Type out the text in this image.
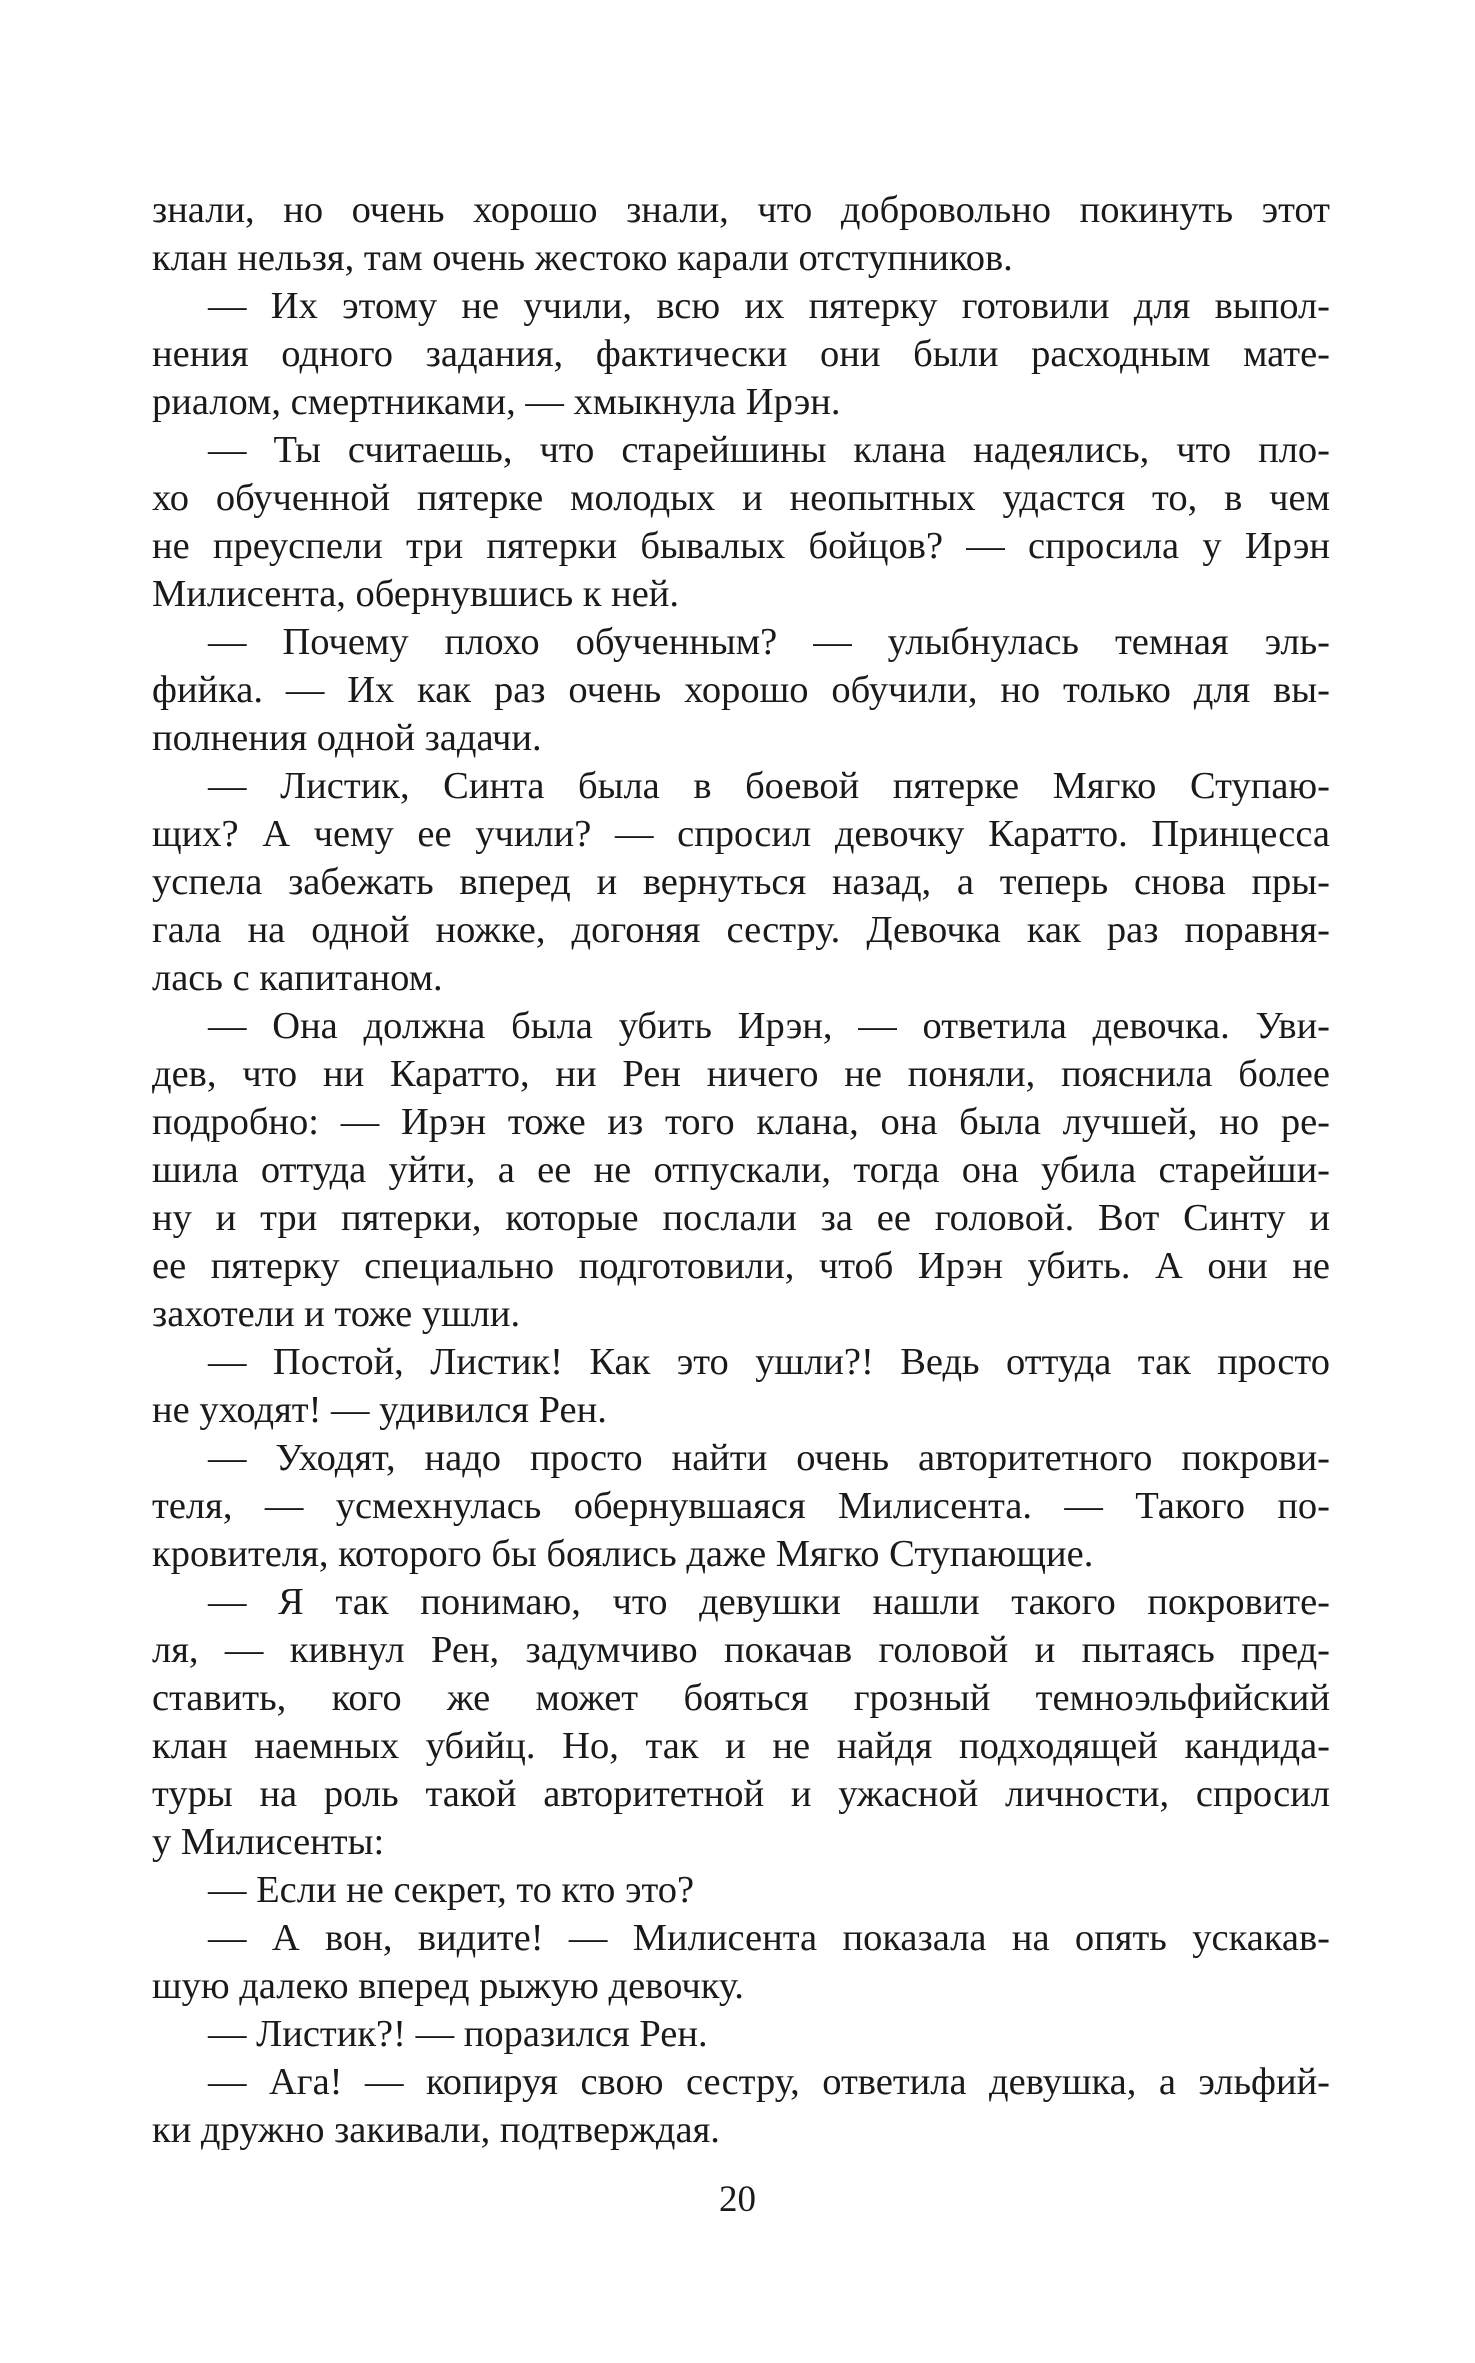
знали, но очень хорошо знали, что добровольно покинуть этот
клан нельзя, там очень жестоко карали отступников.
— Их этому не учили, всю их пятерку готовили для выпол-
нения одного задания, фактически они были расходным мате-
риалом, смертниками, — хмыкнула Ирэн.
— Ты считаешь, что старейшины клана надеялись, что пло-
хо обученной пятерке молодых и неопытных удастся то, в чем
не преуспели три пятерки бывалых бойцов? — спросила у Ирэн
Милисента, обернувшись к ней.
— Почему плохо обученным? — улыбнулась темная эль-
фийка. — Их как раз очень хорошо обучили, но только для вы-
полнения одной задачи.
— Листик, Синта была в боевой пятерке Мягко Ступаю-
щих? А чему ее учили? — спросил девочку Каратто. Принцесса
успела забежать вперед и вернуться назад, а теперь снова пры-
гала на одной ножке, догоняя сестру. Девочка как раз поравня-
лась с капитаном.
— Она должна была убить Ирэн, — ответила девочка. Уви-
дев, что ни Каратто, ни Рен ничего не поняли, пояснила более
подробно: — Ирэн тоже из того клана, она была лучшей, но ре-
шила оттуда уйти, а ее не отпускали, тогда она убила старейши-
ну и три пятерки, которые послали за ее головой. Вот Синту и
ее пятерку специально подготовили, чтоб Ирэн убить. А они не
захотели и тоже ушли.
— Постой, Листик! Как это ушли?! Ведь оттуда так просто
не уходят! — удивился Рен.
— Уходят, надо просто найти очень авторитетного покрови-
теля, — усмехнулась обернувшаяся Милисента. — Такого по-
кровителя, которого бы боялись даже Мягко Ступающие.
— Я так понимаю, что девушки нашли такого покровите-
ля, — кивнул Рен, задумчиво покачав головой и пытаясь пред-
ставить, кого же может бояться грозный темноэльфийский
клан наемных убийц. Но, так и не найдя подходящей кандида-
туры на роль такой авторитетной и ужасной личности, спросил
у Милисенты:
— Если не секрет, то кто это?
— А вон, видите! — Милисента показала на опять ускакав-
шую далеко вперед рыжую девочку.
— Листик?! — поразился Рен.
— Ага! — копируя свою сестру, ответила девушка, а эльфий-
ки дружно закивали, подтверждая.
20
